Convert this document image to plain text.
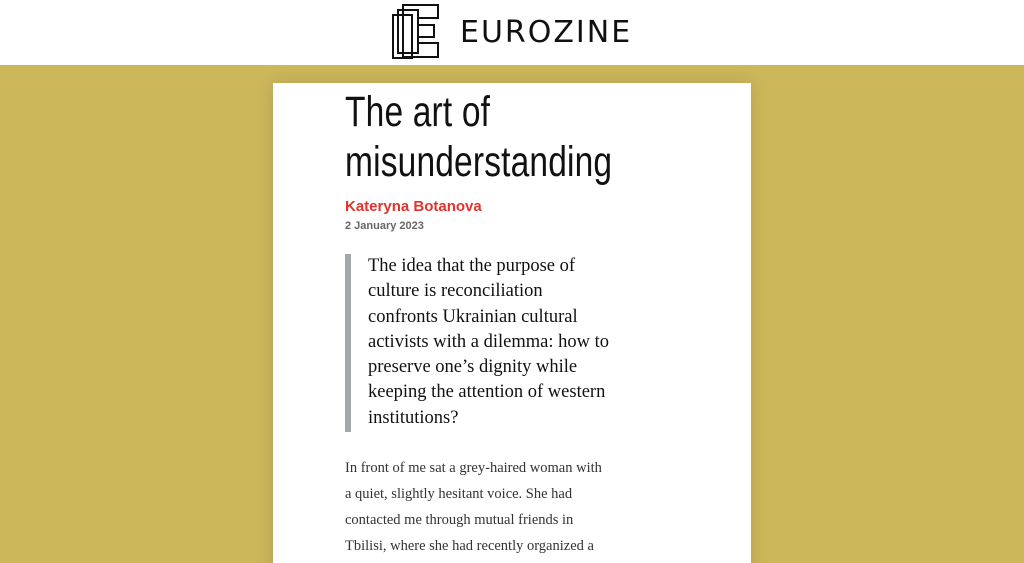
EUROZINE
The art of
misunderstanding
Kateryna Botanova
2 January 2023
The idea that the purpose of
culture is reconciliation
confronts Ukrainian cultural
activists with a dilemma: how to
preserve one’s dignity while
keeping the attention of western
institutions?
In front of me sat a grey-haired woman with
a quiet, slightly hesitant voice. She had
contacted me through mutual friends in
Tbilisi, where she had recently organized a
